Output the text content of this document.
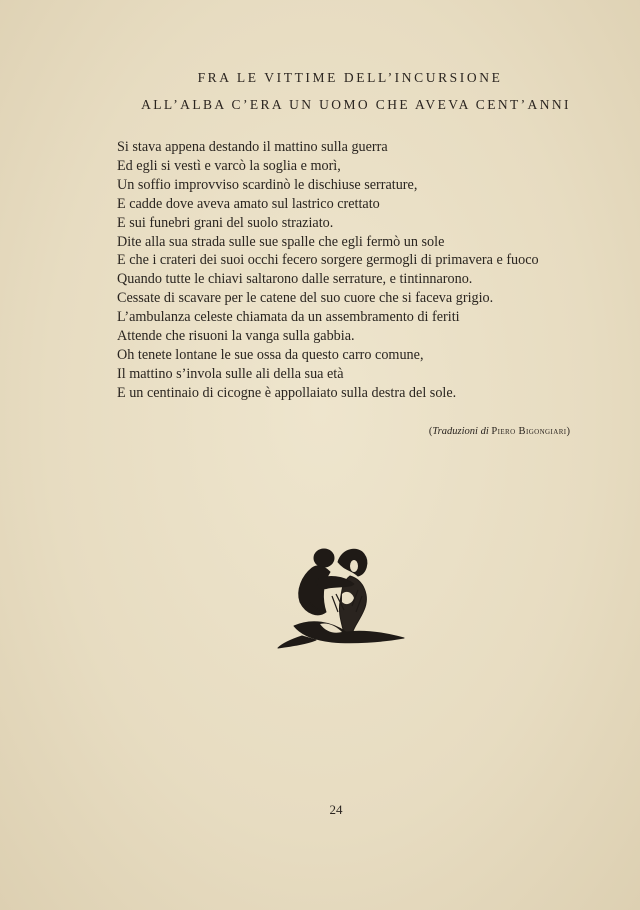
FRA LE VITTIME DELL’INCURSIONE
ALL’ALBA C’ERA UN UOMO CHE AVEVA CENT’ANNI
Si stava appena destando il mattino sulla guerra
Ed egli si vestì e varcò la soglia e morì,
Un soffio improvviso scardinò le dischiuse serrature,
E cadde dove aveva amato sul lastrico crettato
E sui funebri grani del suolo straziato.
Dite alla sua strada sulle sue spalle che egli fermò un sole
E che i crateri dei suoi occhi fecero sorgere germogli di primavera e fuoco
Quando tutte le chiavi saltarono dalle serrature, e tintinnarono.
Cessate di scavare per le catene del suo cuore che si faceva grigio.
L’ambulanza celeste chiamata da un assembramento di feriti
Attende che risuoni la vanga sulla gabbia.
Oh tenete lontane le sue ossa da questo carro comune,
Il mattino s’invola sulle ali della sua età
E un centinaio di cicogne è appollaiato sulla destra del sole.
(Traduzioni di Piero Bigongiari)
24
